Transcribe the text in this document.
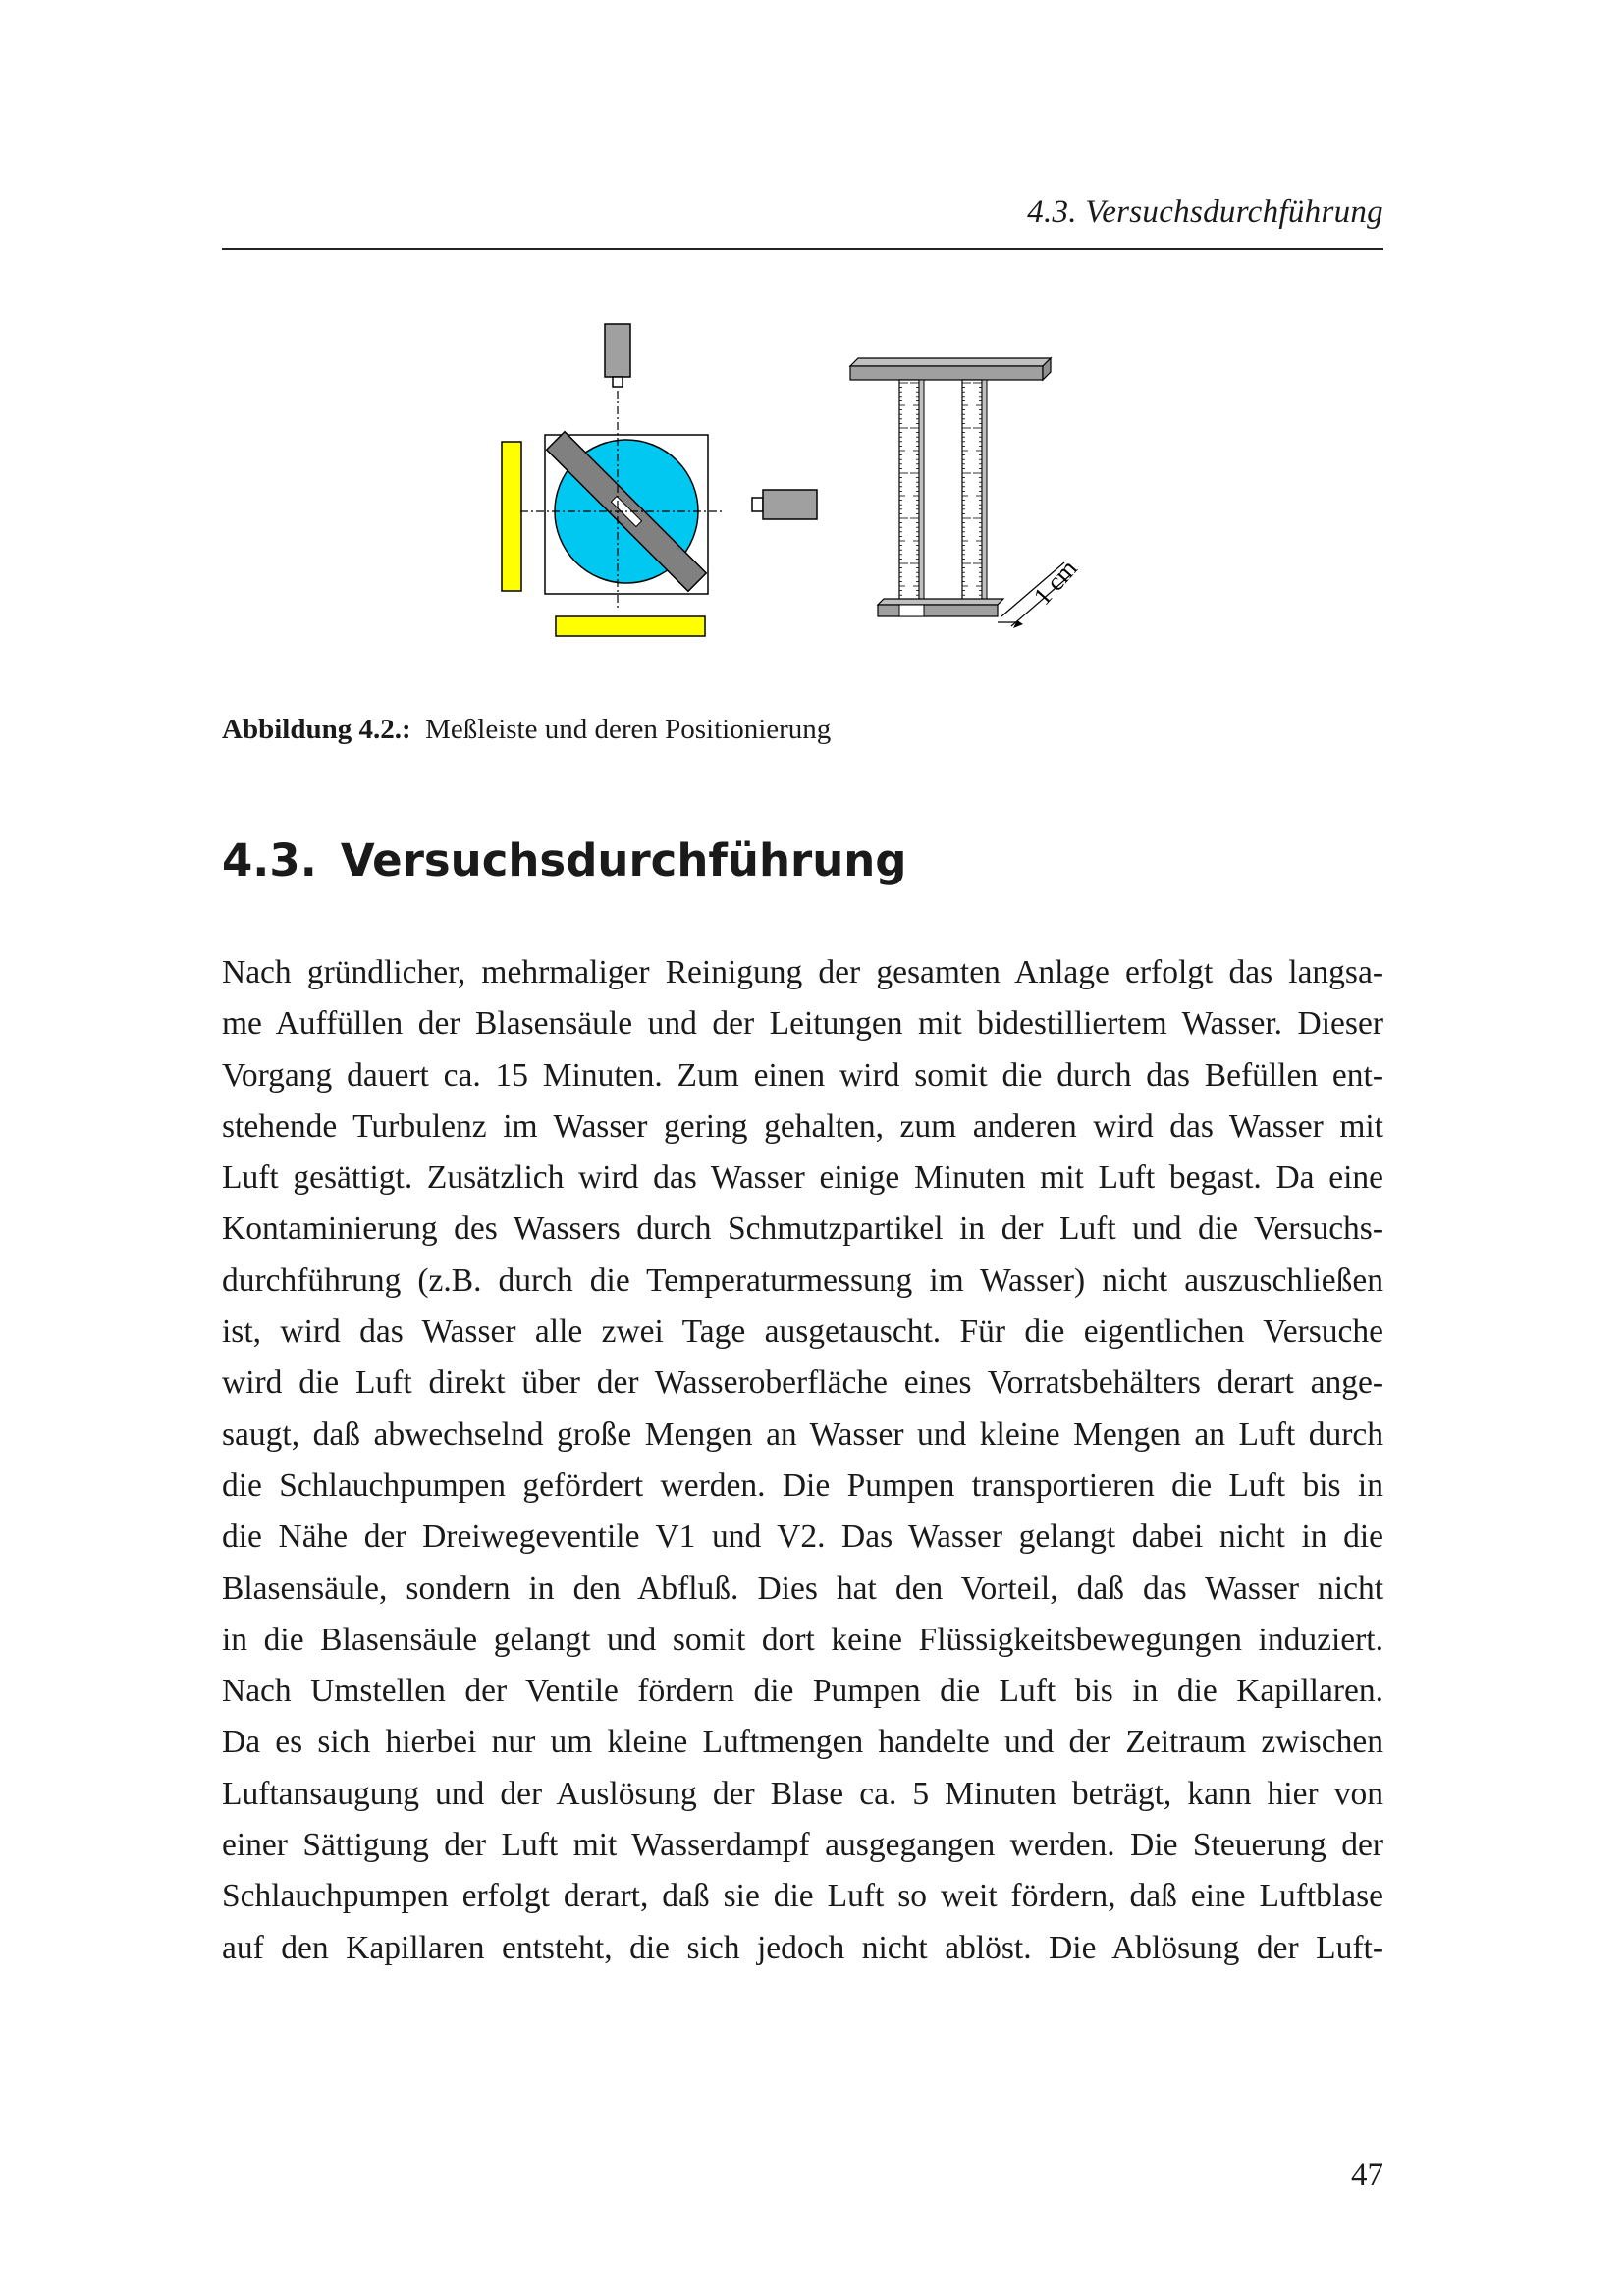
4.3. Versuchsdurchführung
1 cm
Abbildung 4.2.: Meßleiste und deren Positionierung
4.3. Versuchsdurchführung
Nach gründlicher, mehrmaliger Reinigung der gesamten Anlage erfolgt das langsa-
me Auffüllen der Blasensäule und der Leitungen mit bidestilliertem Wasser. Dieser
Vorgang dauert ca. 15 Minuten. Zum einen wird somit die durch das Befüllen ent-
stehende Turbulenz im Wasser gering gehalten, zum anderen wird das Wasser mit
Luft gesättigt. Zusätzlich wird das Wasser einige Minuten mit Luft begast. Da eine
Kontaminierung des Wassers durch Schmutzpartikel in der Luft und die Versuchs-
durchführung (z.B. durch die Temperaturmessung im Wasser) nicht auszuschließen
ist, wird das Wasser alle zwei Tage ausgetauscht. Für die eigentlichen Versuche
wird die Luft direkt über der Wasseroberfläche eines Vorratsbehälters derart ange-
saugt, daß abwechselnd große Mengen an Wasser und kleine Mengen an Luft durch
die Schlauchpumpen gefördert werden. Die Pumpen transportieren die Luft bis in
die Nähe der Dreiwegeventile V1 und V2. Das Wasser gelangt dabei nicht in die
Blasensäule, sondern in den Abfluß. Dies hat den Vorteil, daß das Wasser nicht
in die Blasensäule gelangt und somit dort keine Flüssigkeitsbewegungen induziert.
Nach Umstellen der Ventile fördern die Pumpen die Luft bis in die Kapillaren.
Da es sich hierbei nur um kleine Luftmengen handelte und der Zeitraum zwischen
Luftansaugung und der Auslösung der Blase ca. 5 Minuten beträgt, kann hier von
einer Sättigung der Luft mit Wasserdampf ausgegangen werden. Die Steuerung der
Schlauchpumpen erfolgt derart, daß sie die Luft so weit fördern, daß eine Luftblase
auf den Kapillaren entsteht, die sich jedoch nicht ablöst. Die Ablösung der Luft-
47
